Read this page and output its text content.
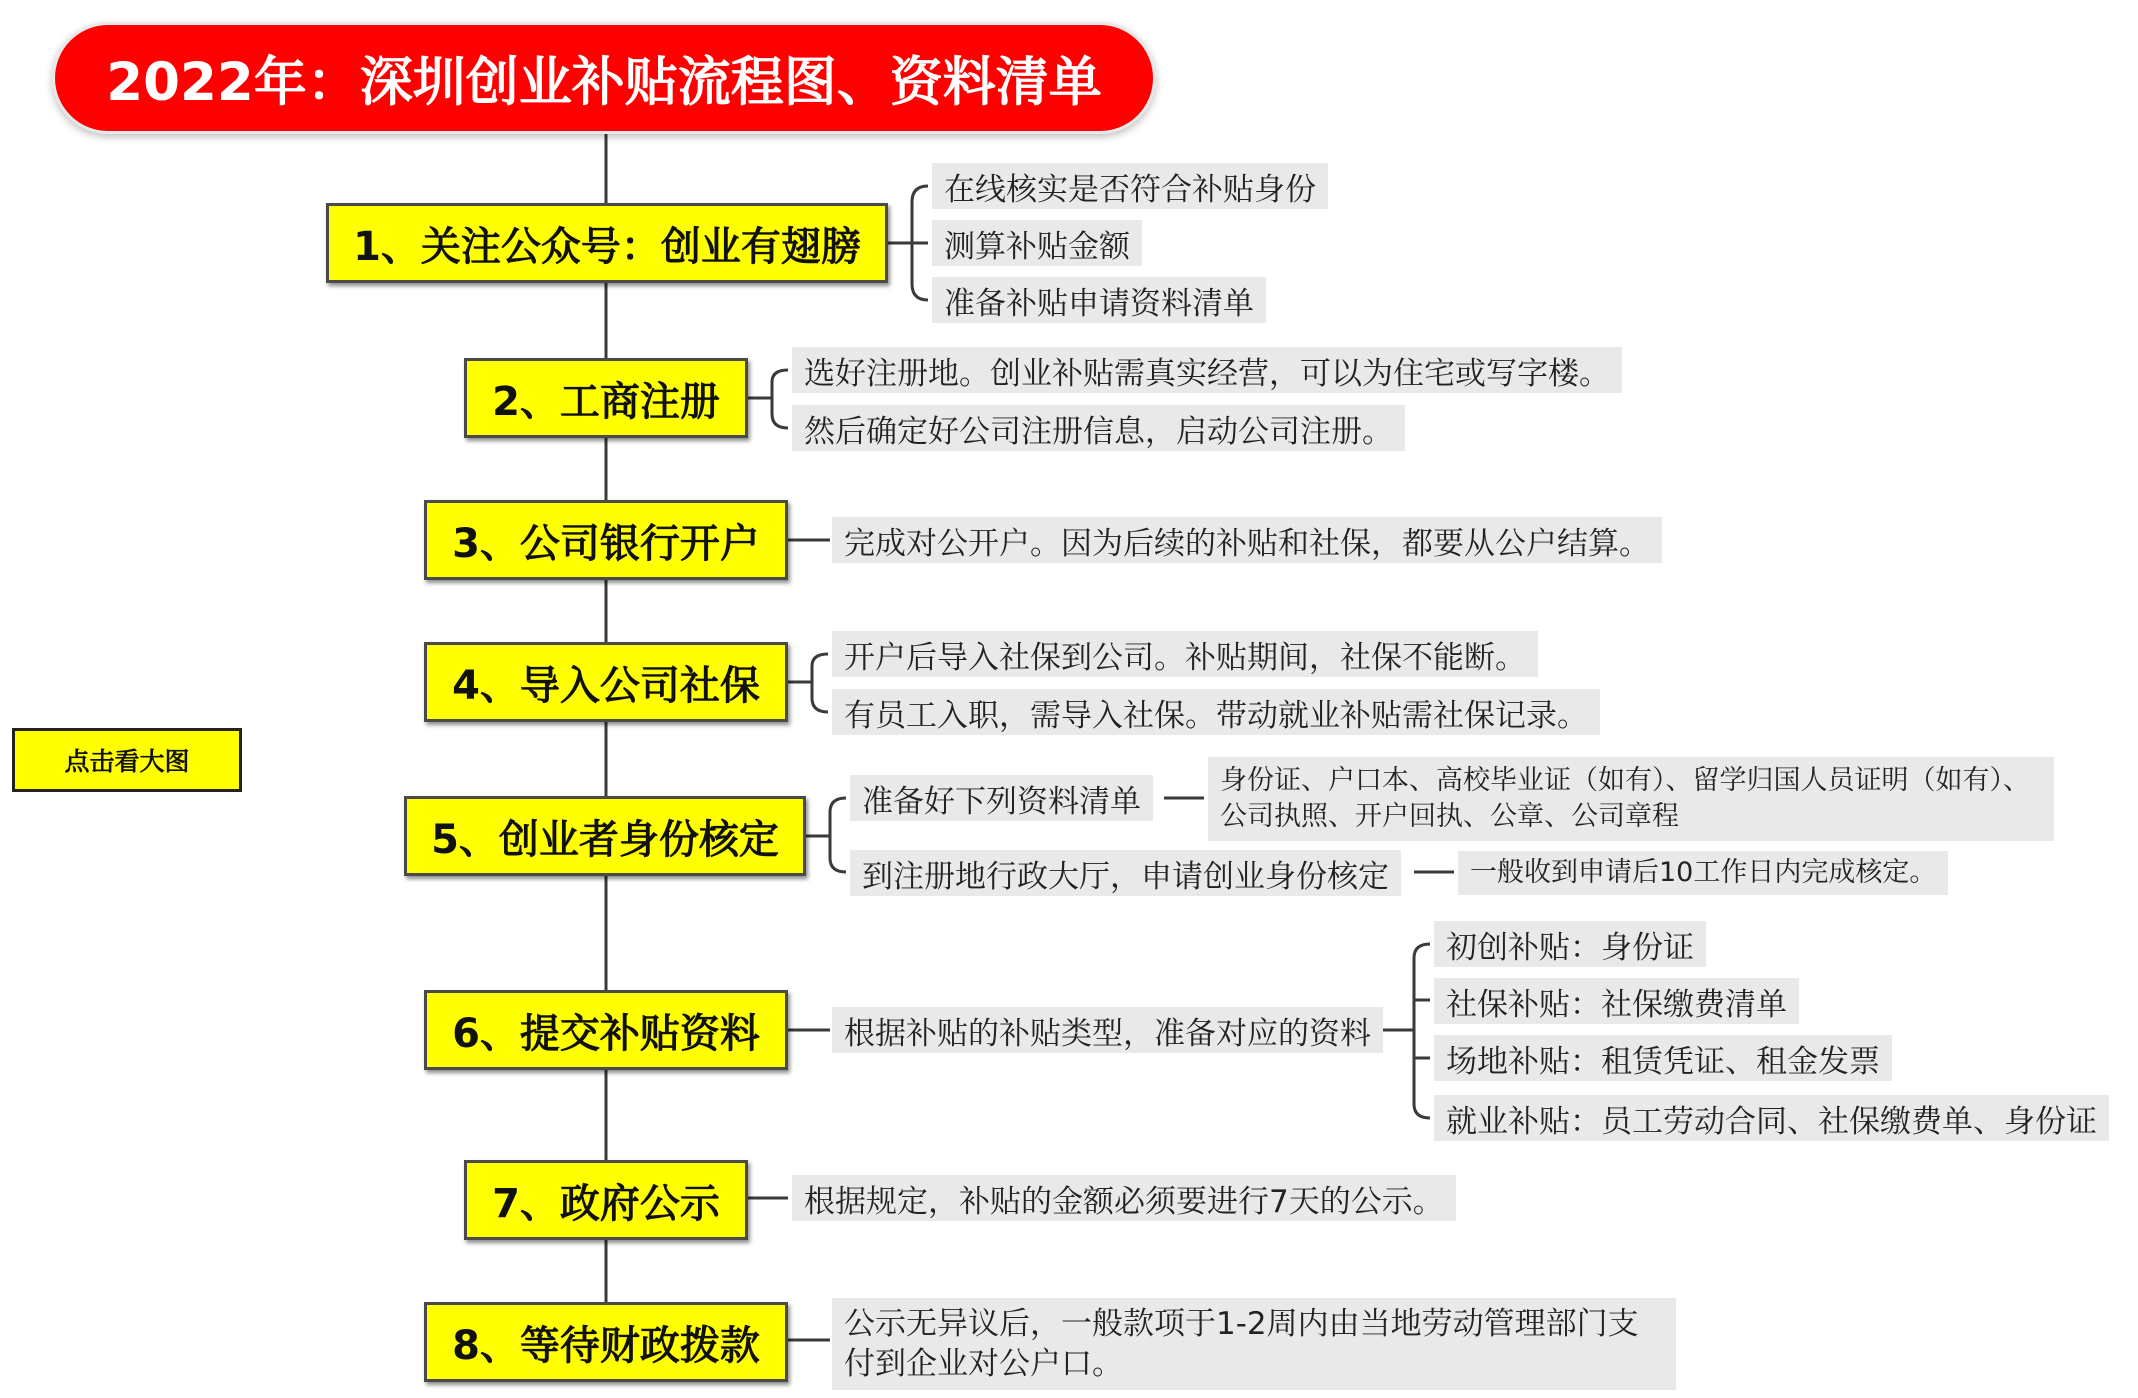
2022年：深圳创业补贴流程图、资料清单
点击看大图
1、关注公众号：创业有翅膀
2、工商注册
3、公司银行开户
4、导入公司社保
5、创业者身份核定
6、提交补贴资料
7、政府公示
8、等待财政拨款
在线核实是否符合补贴身份
测算补贴金额
准备补贴申请资料清单
选好注册地。创业补贴需真实经营，可以为住宅或写字楼。
然后确定好公司注册信息，启动公司注册。
完成对公开户。因为后续的补贴和社保，都要从公户结算。
开户后导入社保到公司。补贴期间，社保不能断。
有员工入职，需导入社保。带动就业补贴需社保记录。
准备好下列资料清单
到注册地行政大厅，申请创业身份核定
身份证、户口本、高校毕业证（如有）、留学归国人员证明（如有）、公司执照、开户回执、公章、公司章程
一般收到申请后10工作日内完成核定。
根据补贴的补贴类型，准备对应的资料
初创补贴：身份证
社保补贴：社保缴费清单
场地补贴：租赁凭证、租金发票
就业补贴：员工劳动合同、社保缴费单、身份证
根据规定，补贴的金额必须要进行7天的公示。
公示无异议后，一般款项于1-2周内由当地劳动管理部门支付到企业对公户口。
